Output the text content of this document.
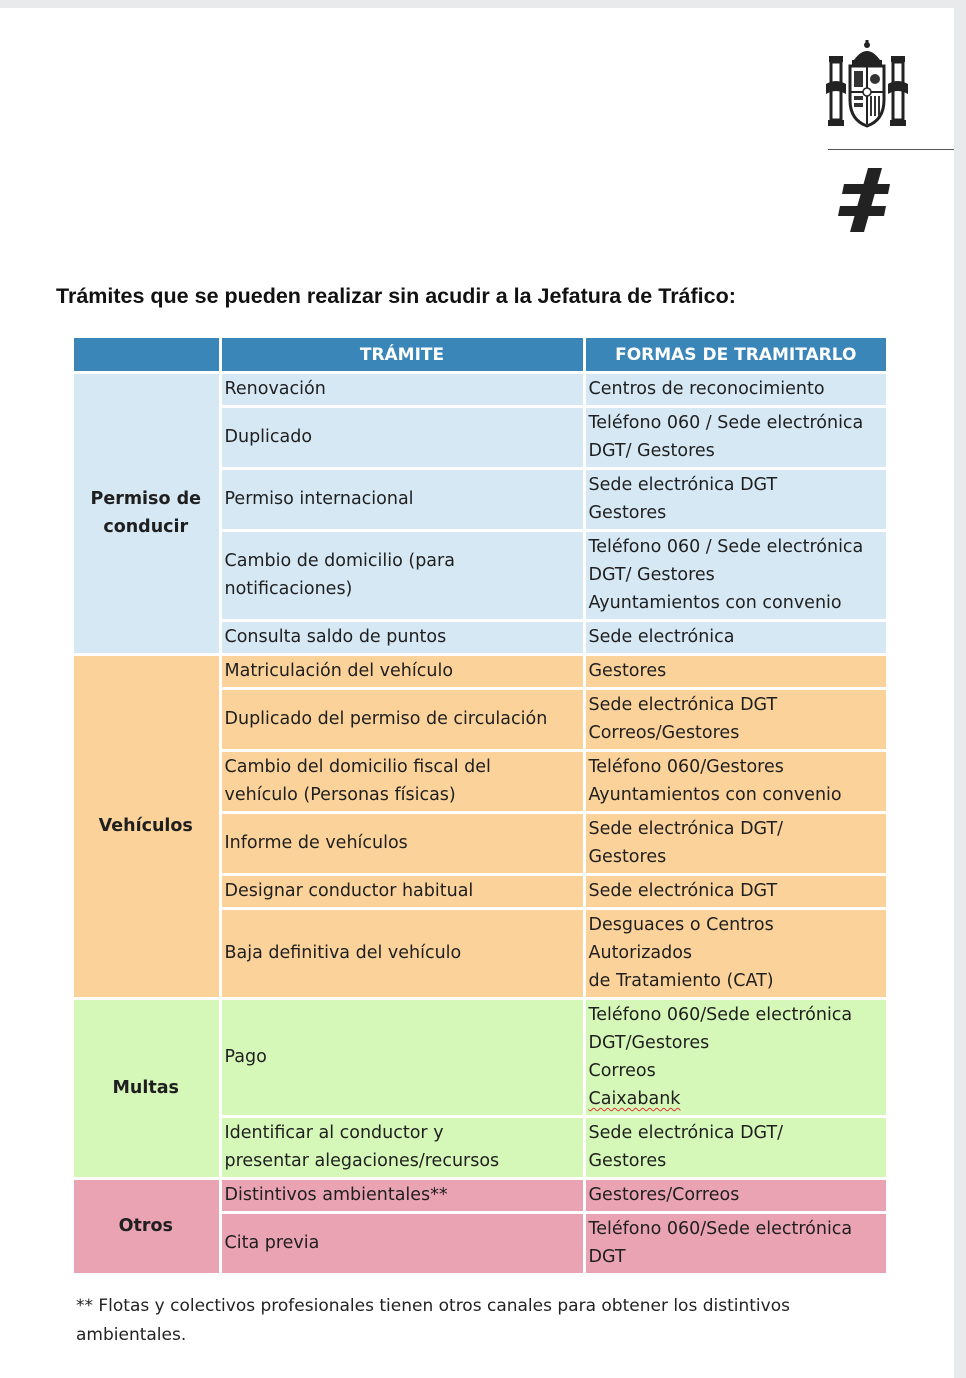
Trámites que se pueden realizar sin acudir a la Jefatura de Tráfico:
	TRÁMITE	FORMAS DE TRAMITARLO
Permiso de conducir	Renovación	Centros de reconocimiento
	Duplicado	Teléfono 060 / Sede electrónica
DGT/ Gestores
	Permiso internacional	Sede electrónica DGT
Gestores
	Cambio de domicilio (para
notificaciones)	Teléfono 060 / Sede electrónica
DGT/ Gestores
Ayuntamientos con convenio
	Consulta saldo de puntos	Sede electrónica
Vehículos	Matriculación del vehículo	Gestores
	Duplicado del permiso de circulación	Sede electrónica DGT
Correos/Gestores
	Cambio del domicilio fiscal del
vehículo (Personas físicas)	Teléfono 060/Gestores
Ayuntamientos con convenio
	Informe de vehículos	Sede electrónica DGT/
Gestores
	Designar conductor habitual	Sede electrónica DGT
	Baja definitiva del vehículo	Desguaces o Centros
Autorizados
de Tratamiento (CAT)
Multas	Pago	Teléfono 060/Sede electrónica
DGT/Gestores
Correos
Caixabank
	Identificar al conductor y
presentar alegaciones/recursos	Sede electrónica DGT/
Gestores
Otros	Distintivos ambientales**	Gestores/Correos
	Cita previa	Teléfono 060/Sede electrónica
DGT
** Flotas y colectivos profesionales tienen otros canales para obtener los distintivos ambientales.
